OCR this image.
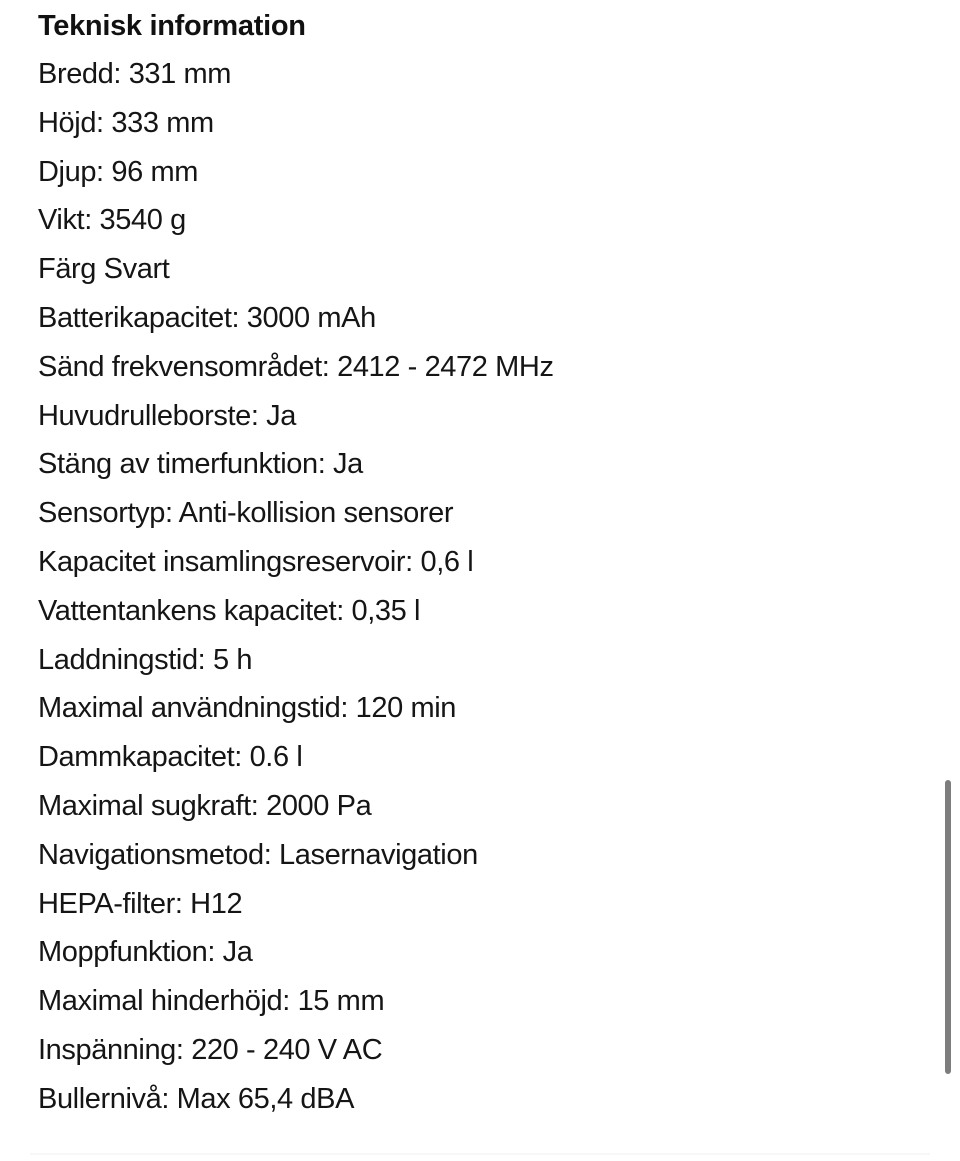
Teknisk information
Bredd: 331 mm
Höjd: 333 mm
Djup: 96 mm
Vikt: 3540 g
Färg Svart
Batterikapacitet: 3000 mAh
Sänd frekvensområdet: 2412 - 2472 MHz
Huvudrulleborste: Ja
Stäng av timerfunktion: Ja
Sensortyp: Anti-kollision sensorer
Kapacitet insamlingsreservoir: 0,6 l
Vattentankens kapacitet: 0,35 l
Laddningstid: 5 h
Maximal användningstid: 120 min
Dammkapacitet: 0.6 l
Maximal sugkraft: 2000 Pa
Navigationsmetod: Lasernavigation
HEPA-filter: H12
Moppfunktion: Ja
Maximal hinderhöjd: 15 mm
Inspänning: 220 - 240 V AC
Bullernivå: Max 65,4 dBA
